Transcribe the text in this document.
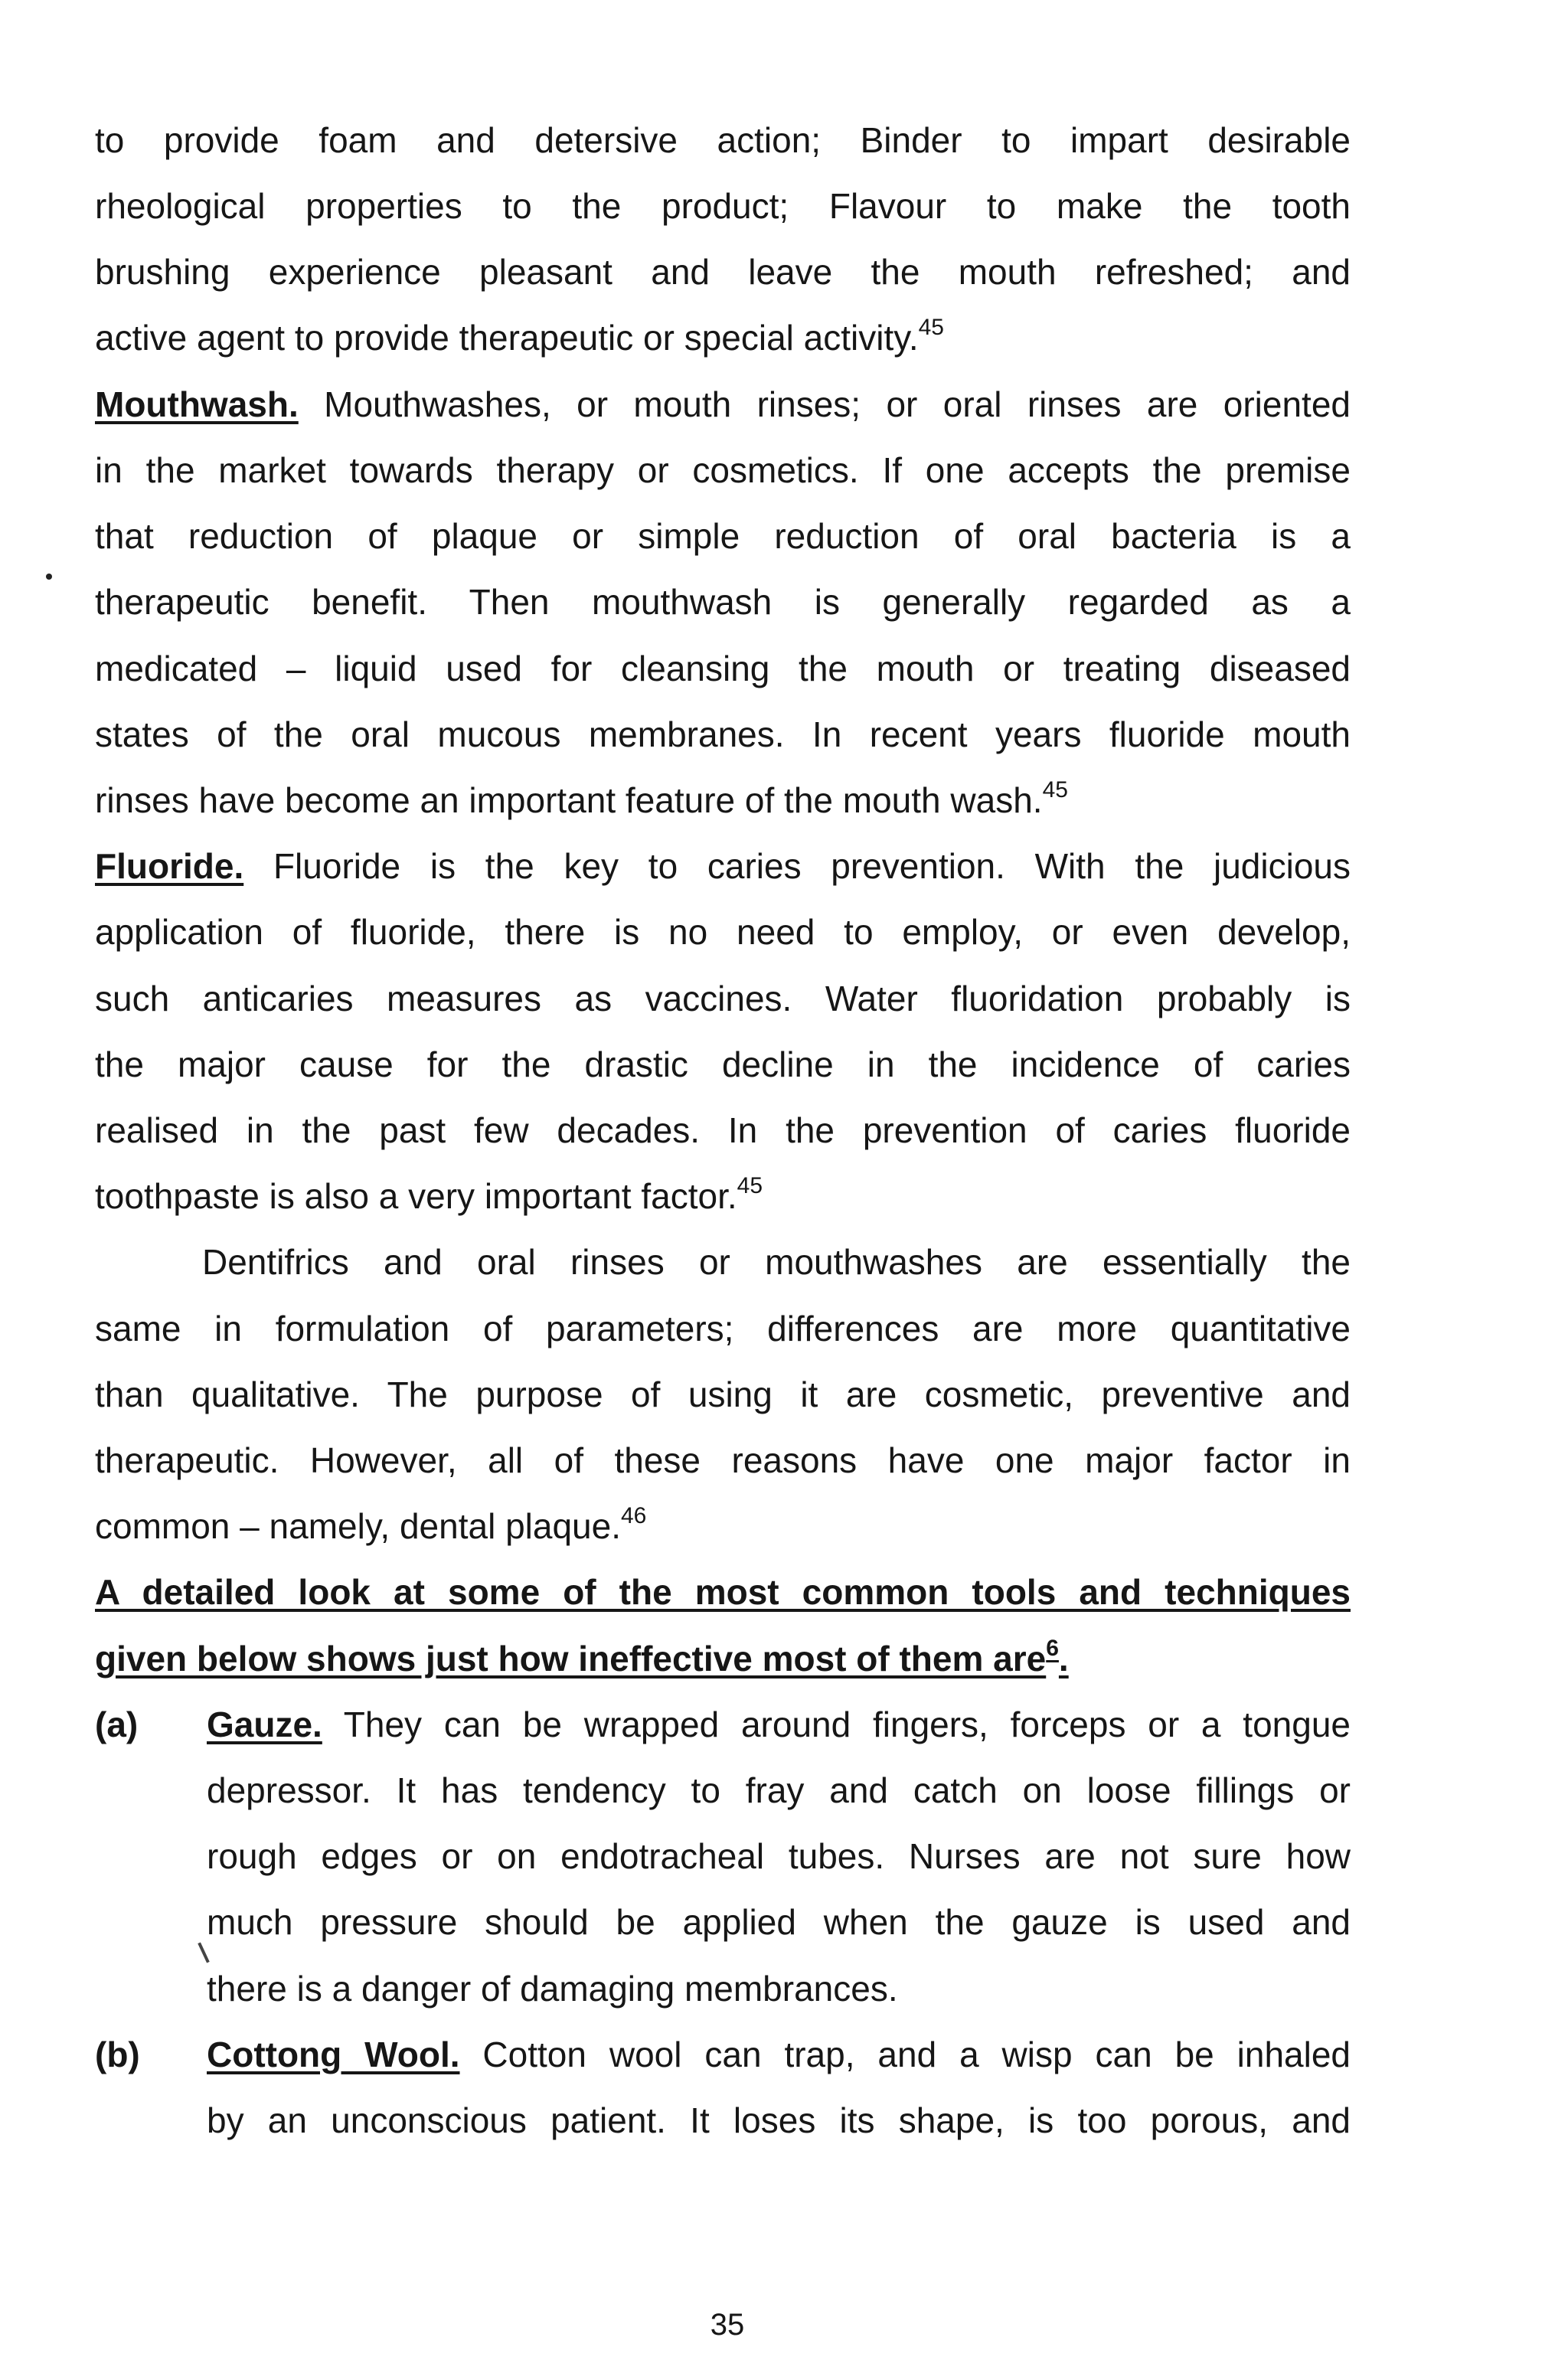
to provide foam and detersive action; Binder to impart desirable
rheological properties to the product; Flavour to make the tooth
brushing experience pleasant and leave the mouth refreshed; and
active agent to provide therapeutic or special activity.$^{45}$
Mouthwash. Mouthwashes, or mouth rinses; or oral rinses are oriented
in the market towards therapy or cosmetics. If one accepts the premise
that reduction of plaque or simple reduction of oral bacteria is a
therapeutic benefit. Then mouthwash is generally regarded as a
medicated – liquid used for cleansing the mouth or treating diseased
states of the oral mucous membranes. In recent years fluoride mouth
rinses have become an important feature of the mouth wash.$^{45}$
Fluoride. Fluoride is the key to caries prevention. With the judicious
application of fluoride, there is no need to employ, or even develop,
such anticaries measures as vaccines. Water fluoridation probably is
the major cause for the drastic decline in the incidence of caries
realised in the past few decades. In the prevention of caries fluoride
toothpaste is also a very important factor.$^{45}$
Dentifrics and oral rinses or mouthwashes are essentially the
same in formulation of parameters; differences are more quantitative
than qualitative. The purpose of using it are cosmetic, preventive and
therapeutic. However, all of these reasons have one major factor in
common – namely, dental plaque.$^{46}$
A detailed look at some of the most common tools and techniques
given below shows just how ineffective most of them are$^6$.
(a)	Gauze. They can be wrapped around fingers, forceps or a tongue
depressor. It has tendency to fray and catch on loose fillings or
rough edges or on endotracheal tubes. Nurses are not sure how
much pressure should be applied when the gauze is used and
there is a danger of damaging membrances.
(b)	Cottong Wool. Cotton wool can trap, and a wisp can be inhaled
by an unconscious patient. It loses its shape, is too porous, and
35
